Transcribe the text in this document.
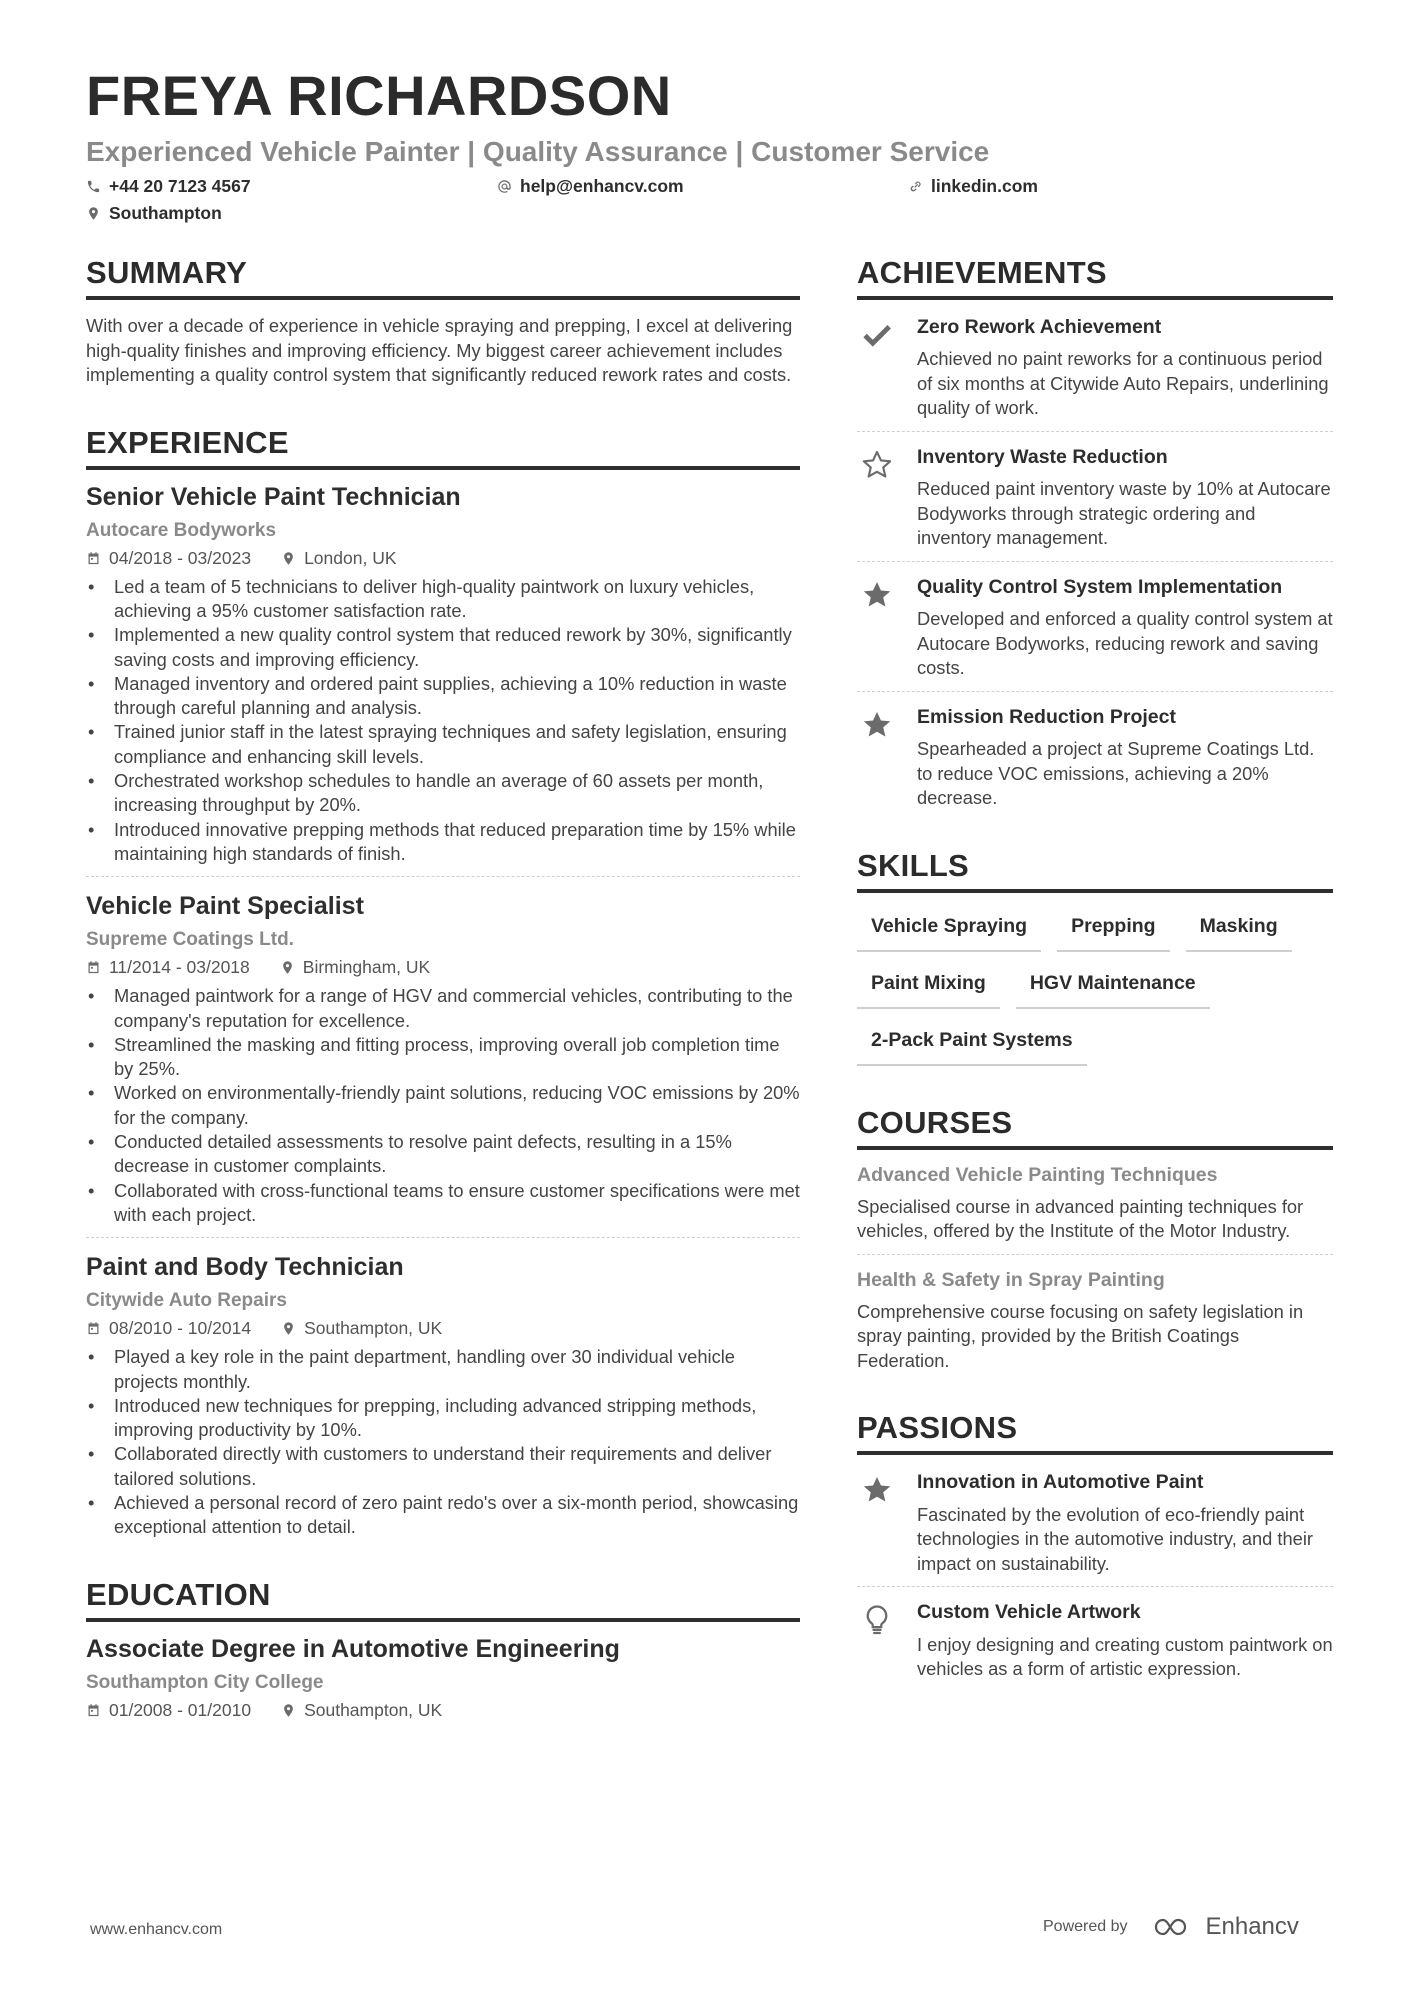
FREYA RICHARDSON
Experienced Vehicle Painter | Quality Assurance | Customer Service
+44 20 7123 4567	help@enhancv.com	linkedin.com
Southampton
SUMMARY

With over a decade of experience in vehicle spraying and prepping, I excel at delivering high-quality finishes and improving efficiency. My biggest career achievement includes implementing a quality control system that significantly reduced rework rates and costs.

EXPERIENCE
Senior Vehicle Paint Technician

Autocare Bodyworks

04/2018 - 03/2023	London, UK
• Led a team of 5 technicians to deliver high-quality paintwork on luxury vehicles, achieving a 95% customer satisfaction rate.
• Implemented a new quality control system that reduced rework by 30%, significantly saving costs and improving efficiency.
• Managed inventory and ordered paint supplies, achieving a 10% reduction in waste through careful planning and analysis.
• Trained junior staff in the latest spraying techniques and safety legislation, ensuring compliance and enhancing skill levels.
• Orchestrated workshop schedules to handle an average of 60 assets per month, increasing throughput by 20%.
• Introduced innovative prepping methods that reduced preparation time by 15% while maintaining high standards of finish.
Vehicle Paint Specialist

Supreme Coatings Ltd.

11/2014 - 03/2018	Birmingham, UK
• Managed paintwork for a range of HGV and commercial vehicles, contributing to the company's reputation for excellence.
• Streamlined the masking and fitting process, improving overall job completion time by 25%.
• Worked on environmentally-friendly paint solutions, reducing VOC emissions by 20% for the company.
• Conducted detailed assessments to resolve paint defects, resulting in a 15% decrease in customer complaints.
• Collaborated with cross-functional teams to ensure customer specifications were met with each project.
Paint and Body Technician

Citywide Auto Repairs

08/2010 - 10/2014	Southampton, UK
• Played a key role in the paint department, handling over 30 individual vehicle projects monthly.
• Introduced new techniques for prepping, including advanced stripping methods, improving productivity by 10%.
• Collaborated directly with customers to understand their requirements and deliver tailored solutions.
• Achieved a personal record of zero paint redo's over a six-month period, showcasing exceptional attention to detail.
EDUCATION
Associate Degree in Automotive Engineering

Southampton City College

01/2008 - 01/2010	Southampton, UK
ACHIEVEMENTS

Zero Rework Achievement

Achieved no paint reworks for a continuous period of six months at Citywide Auto Repairs, underlining quality of work.

Inventory Waste Reduction

Reduced paint inventory waste by 10% at Autocare Bodyworks through strategic ordering and inventory management.

Quality Control System Implementation

Developed and enforced a quality control system at Autocare Bodyworks, reducing rework and saving costs.

Emission Reduction Project

Spearheaded a project at Supreme Coatings Ltd. to reduce VOC emissions, achieving a 20% decrease.

SKILLS
Vehicle Spraying	Prepping	Masking
Paint Mixing	HGV Maintenance
2-Pack Paint Systems
COURSES

Advanced Vehicle Painting Techniques

Specialised course in advanced painting techniques for vehicles, offered by the Institute of the Motor Industry.

Health & Safety in Spray Painting

Comprehensive course focusing on safety legislation in spray painting, provided by the British Coatings Federation.

PASSIONS

Innovation in Automotive Paint

Fascinated by the evolution of eco-friendly paint technologies in the automotive industry, and their impact on sustainability.

Custom Vehicle Artwork

I enjoy designing and creating custom paintwork on vehicles as a form of artistic expression.

www.enhancv.com	Powered by	Enhancv
